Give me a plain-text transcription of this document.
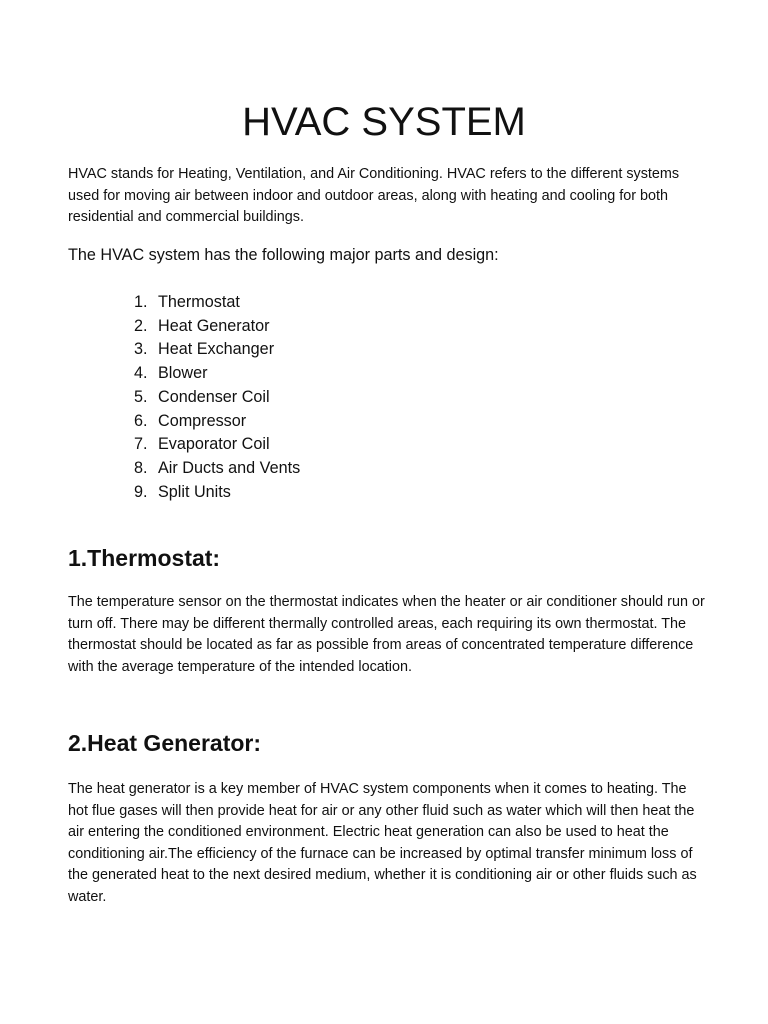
HVAC SYSTEM

HVAC stands for Heating, Ventilation, and Air Conditioning. HVAC refers to the different systems used for moving air between indoor and outdoor areas, along with heating and cooling for both residential and commercial buildings.

The HVAC system has the following major parts and design:

1. Thermostat
2. Heat Generator
3. Heat Exchanger
4. Blower
5. Condenser Coil
6. Compressor
7. Evaporator Coil
8. Air Ducts and Vents
9. Split Units
1.Thermostat:

The temperature sensor on the thermostat indicates when the heater or air conditioner should run or turn off. There may be different thermally controlled areas, each requiring its own thermostat. The thermostat should be located as far as possible from areas of concentrated temperature difference with the average temperature of the intended location.

2.Heat Generator:

The heat generator is a key member of HVAC system components when it comes to heating. The hot flue gases will then provide heat for air or any other fluid such as water which will then heat the air entering the conditioned environment. Electric heat generation can also be used to heat the conditioning air.The efficiency of the furnace can be increased by optimal transfer minimum loss of the generated heat to the next desired medium, whether it is conditioning air or other fluids such as water.
